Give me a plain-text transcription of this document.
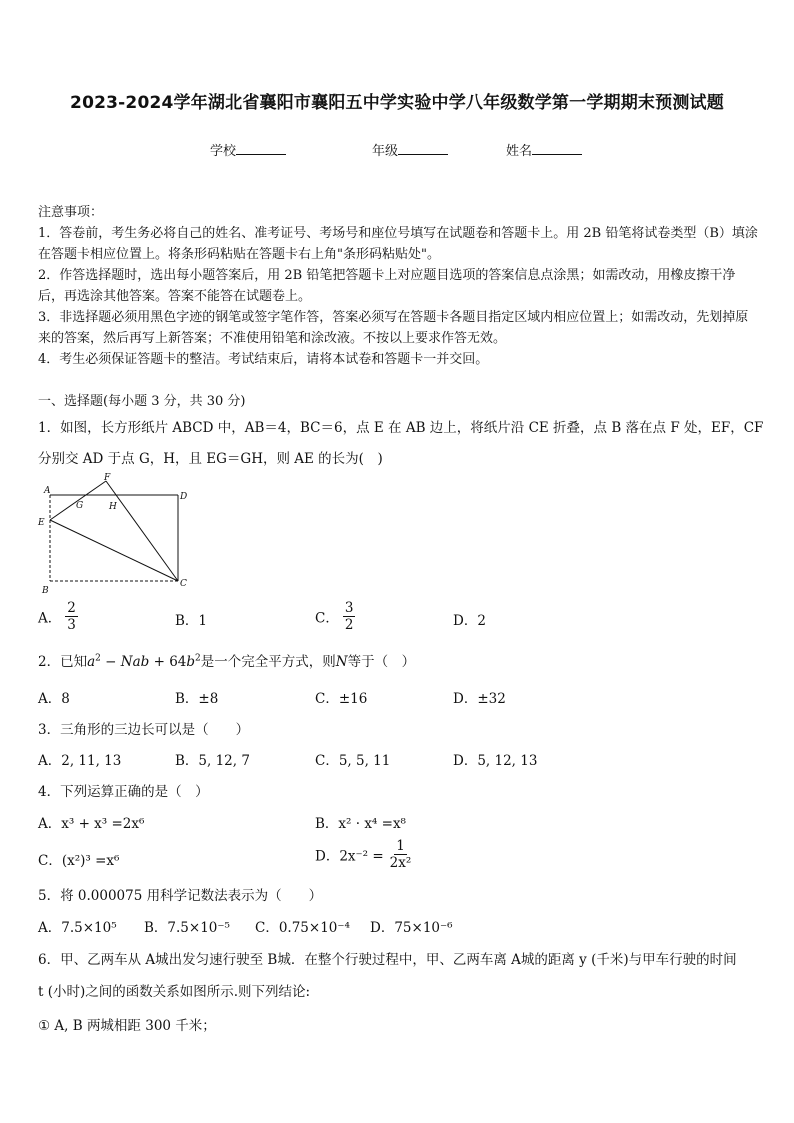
2023-2024学年湖北省襄阳市襄阳五中学实验中学八年级数学第一学期期末预测试题
学校	年级	姓名
注意事项：
1．答卷前，考生务必将自己的姓名、准考证号、考场号和座位号填写在试题卷和答题卡上。用 2B 铅笔将试卷类型（B）填涂在答题卡相应位置上。将条形码粘贴在答题卡右上角"条形码粘贴处"。
2．作答选择题时，选出每小题答案后，用 2B 铅笔把答题卡上对应题目选项的答案信息点涂黑；如需改动，用橡皮擦干净后，再选涂其他答案。答案不能答在试题卷上。
3．非选择题必须用黑色字迹的钢笔或签字笔作答，答案必须写在答题卡各题目指定区域内相应位置上；如需改动，先划掉原来的答案，然后再写上新答案；不准使用铅笔和涂改液。不按以上要求作答无效。
4．考生必须保证答题卡的整洁。考试结束后，请将本试卷和答题卡一并交回。
一、选择题(每小题 3 分，共 30 分)
1．如图，长方形纸片 ABCD 中，AB＝4，BC＝6，点 E 在 AB 边上，将纸片沿 CE 折叠，点 B 落在点 F 处，EF，CF
分别交 AD 于点 G，H，且 EG＝GH，则 AE 的长为(　)
A
B
C
D
E
F
G	H
A． $\frac{2}{3}$	B．1	C． $\frac{3}{2}$	D．2
2．已知$a^2$ − Nab + $64b^2$是一个完全平方式，则N等于（　）
A．8	B．±8	C．±16	D．±32
3．三角形的三边长可以是（　　）
A．2, 11, 13	B．5, 12, 7	C．5, 5, 11	D．5, 12, 13
4．下列运算正确的是（　）
A．x³ + x³ =2x⁶	B．x² · x⁴ =x⁸
C．(x²)³ =x⁶	D．$2x^{-2} = \frac{1}{\text{2x²}}$
5．将 0.000075 用科学记数法表示为（　　）
A．7.5×10⁵ B．7.5×10⁻⁵ C．0.75×10⁻⁴ D．75×10⁻⁶
6．甲、乙两车从 A城出发匀速行驶至 B城．在整个行驶过程中，甲、乙两车离 A城的距离 y (千米)与甲车行驶的时间
t (小时)之间的函数关系如图所示.则下列结论:
① A, B 两城相距 300 千米；
